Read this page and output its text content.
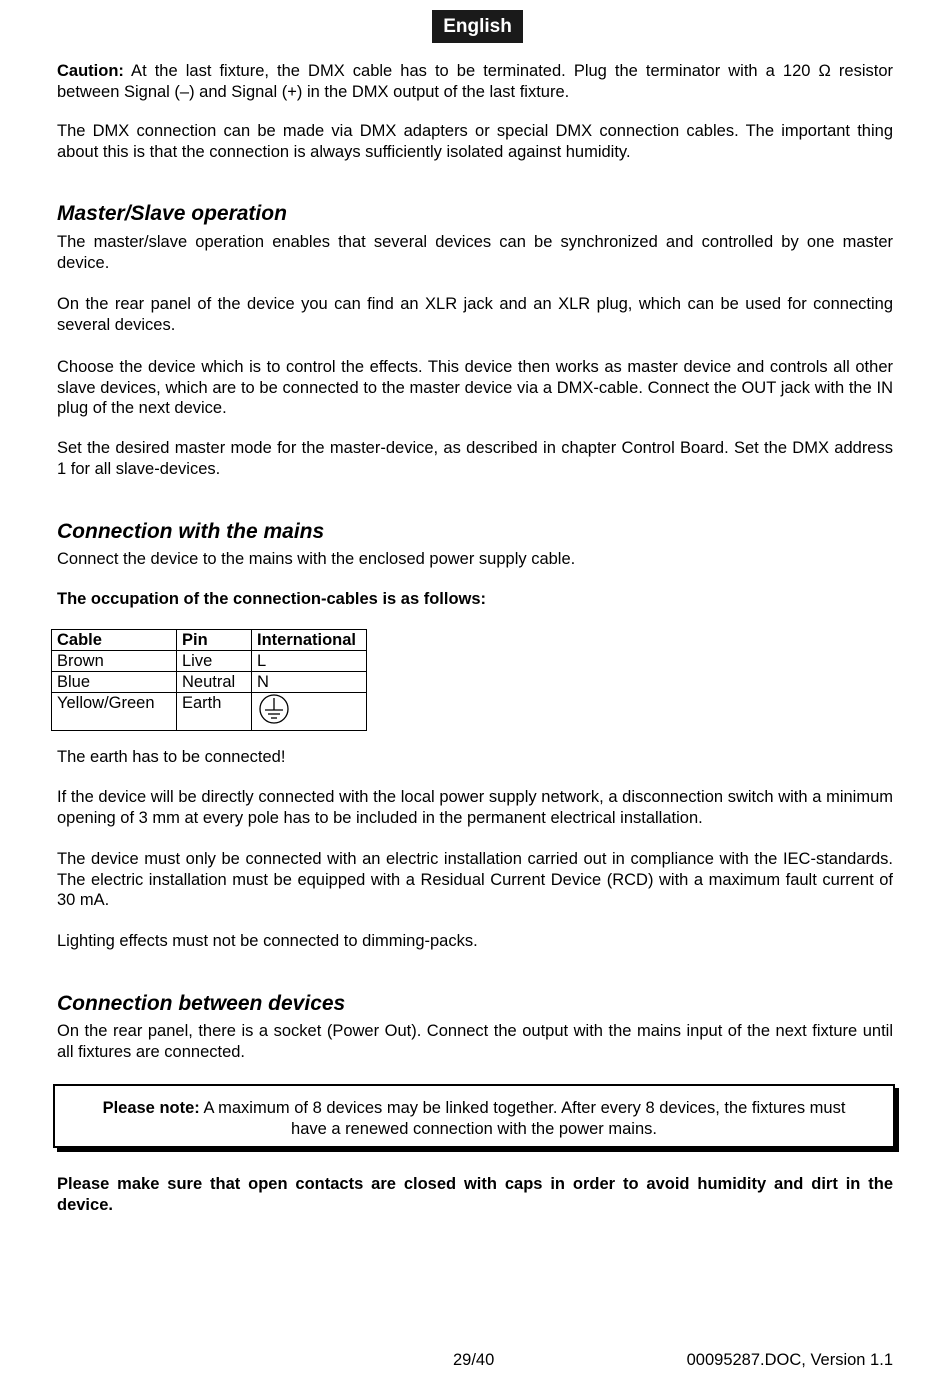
English

Caution: At the last fixture, the DMX cable has to be terminated. Plug the terminator with a 120 Ω resistor between Signal (–) and Signal (+) in the DMX output of the last fixture.

The DMX connection can be made via DMX adapters or special DMX connection cables. The important thing about this is that the connection is always sufficiently isolated against humidity.

Master/Slave operation

The master/slave operation enables that several devices can be synchronized and controlled by one master device.

On the rear panel of the device you can find an XLR jack and an XLR plug, which can be used for connecting several devices.

Choose the device which is to control the effects. This device then works as master device and controls all other slave devices, which are to be connected to the master device via a DMX-cable. Connect the OUT jack with the IN plug of the next device.

Set the desired master mode for the master-device, as described in chapter Control Board. Set the DMX address 1 for all slave-devices.

Connection with the mains

Connect the device to the mains with the enclosed power supply cable.

The occupation of the connection-cables is as follows:

Cable	Pin	International
Brown	Live	L
Blue	Neutral	N
Yellow/Green	Earth	

The earth has to be connected!

If the device will be directly connected with the local power supply network, a disconnection switch with a minimum opening of 3 mm at every pole has to be included in the permanent electrical installation.

The device must only be connected with an electric installation carried out in compliance with the IEC-standards. The electric installation must be equipped with a Residual Current Device (RCD) with a maximum fault current of 30 mA.

Lighting effects must not be connected to dimming-packs.

Connection between devices

On the rear panel, there is a socket (Power Out). Connect the output with the mains input of the next fixture until all fixtures are connected.

Please note: A maximum of 8 devices may be linked together. After every 8 devices, the fixtures must have a renewed connection with the power mains.

Please make sure that open contacts are closed with caps in order to avoid humidity and dirt in the device.

29/40	00095287.DOC, Version 1.1
